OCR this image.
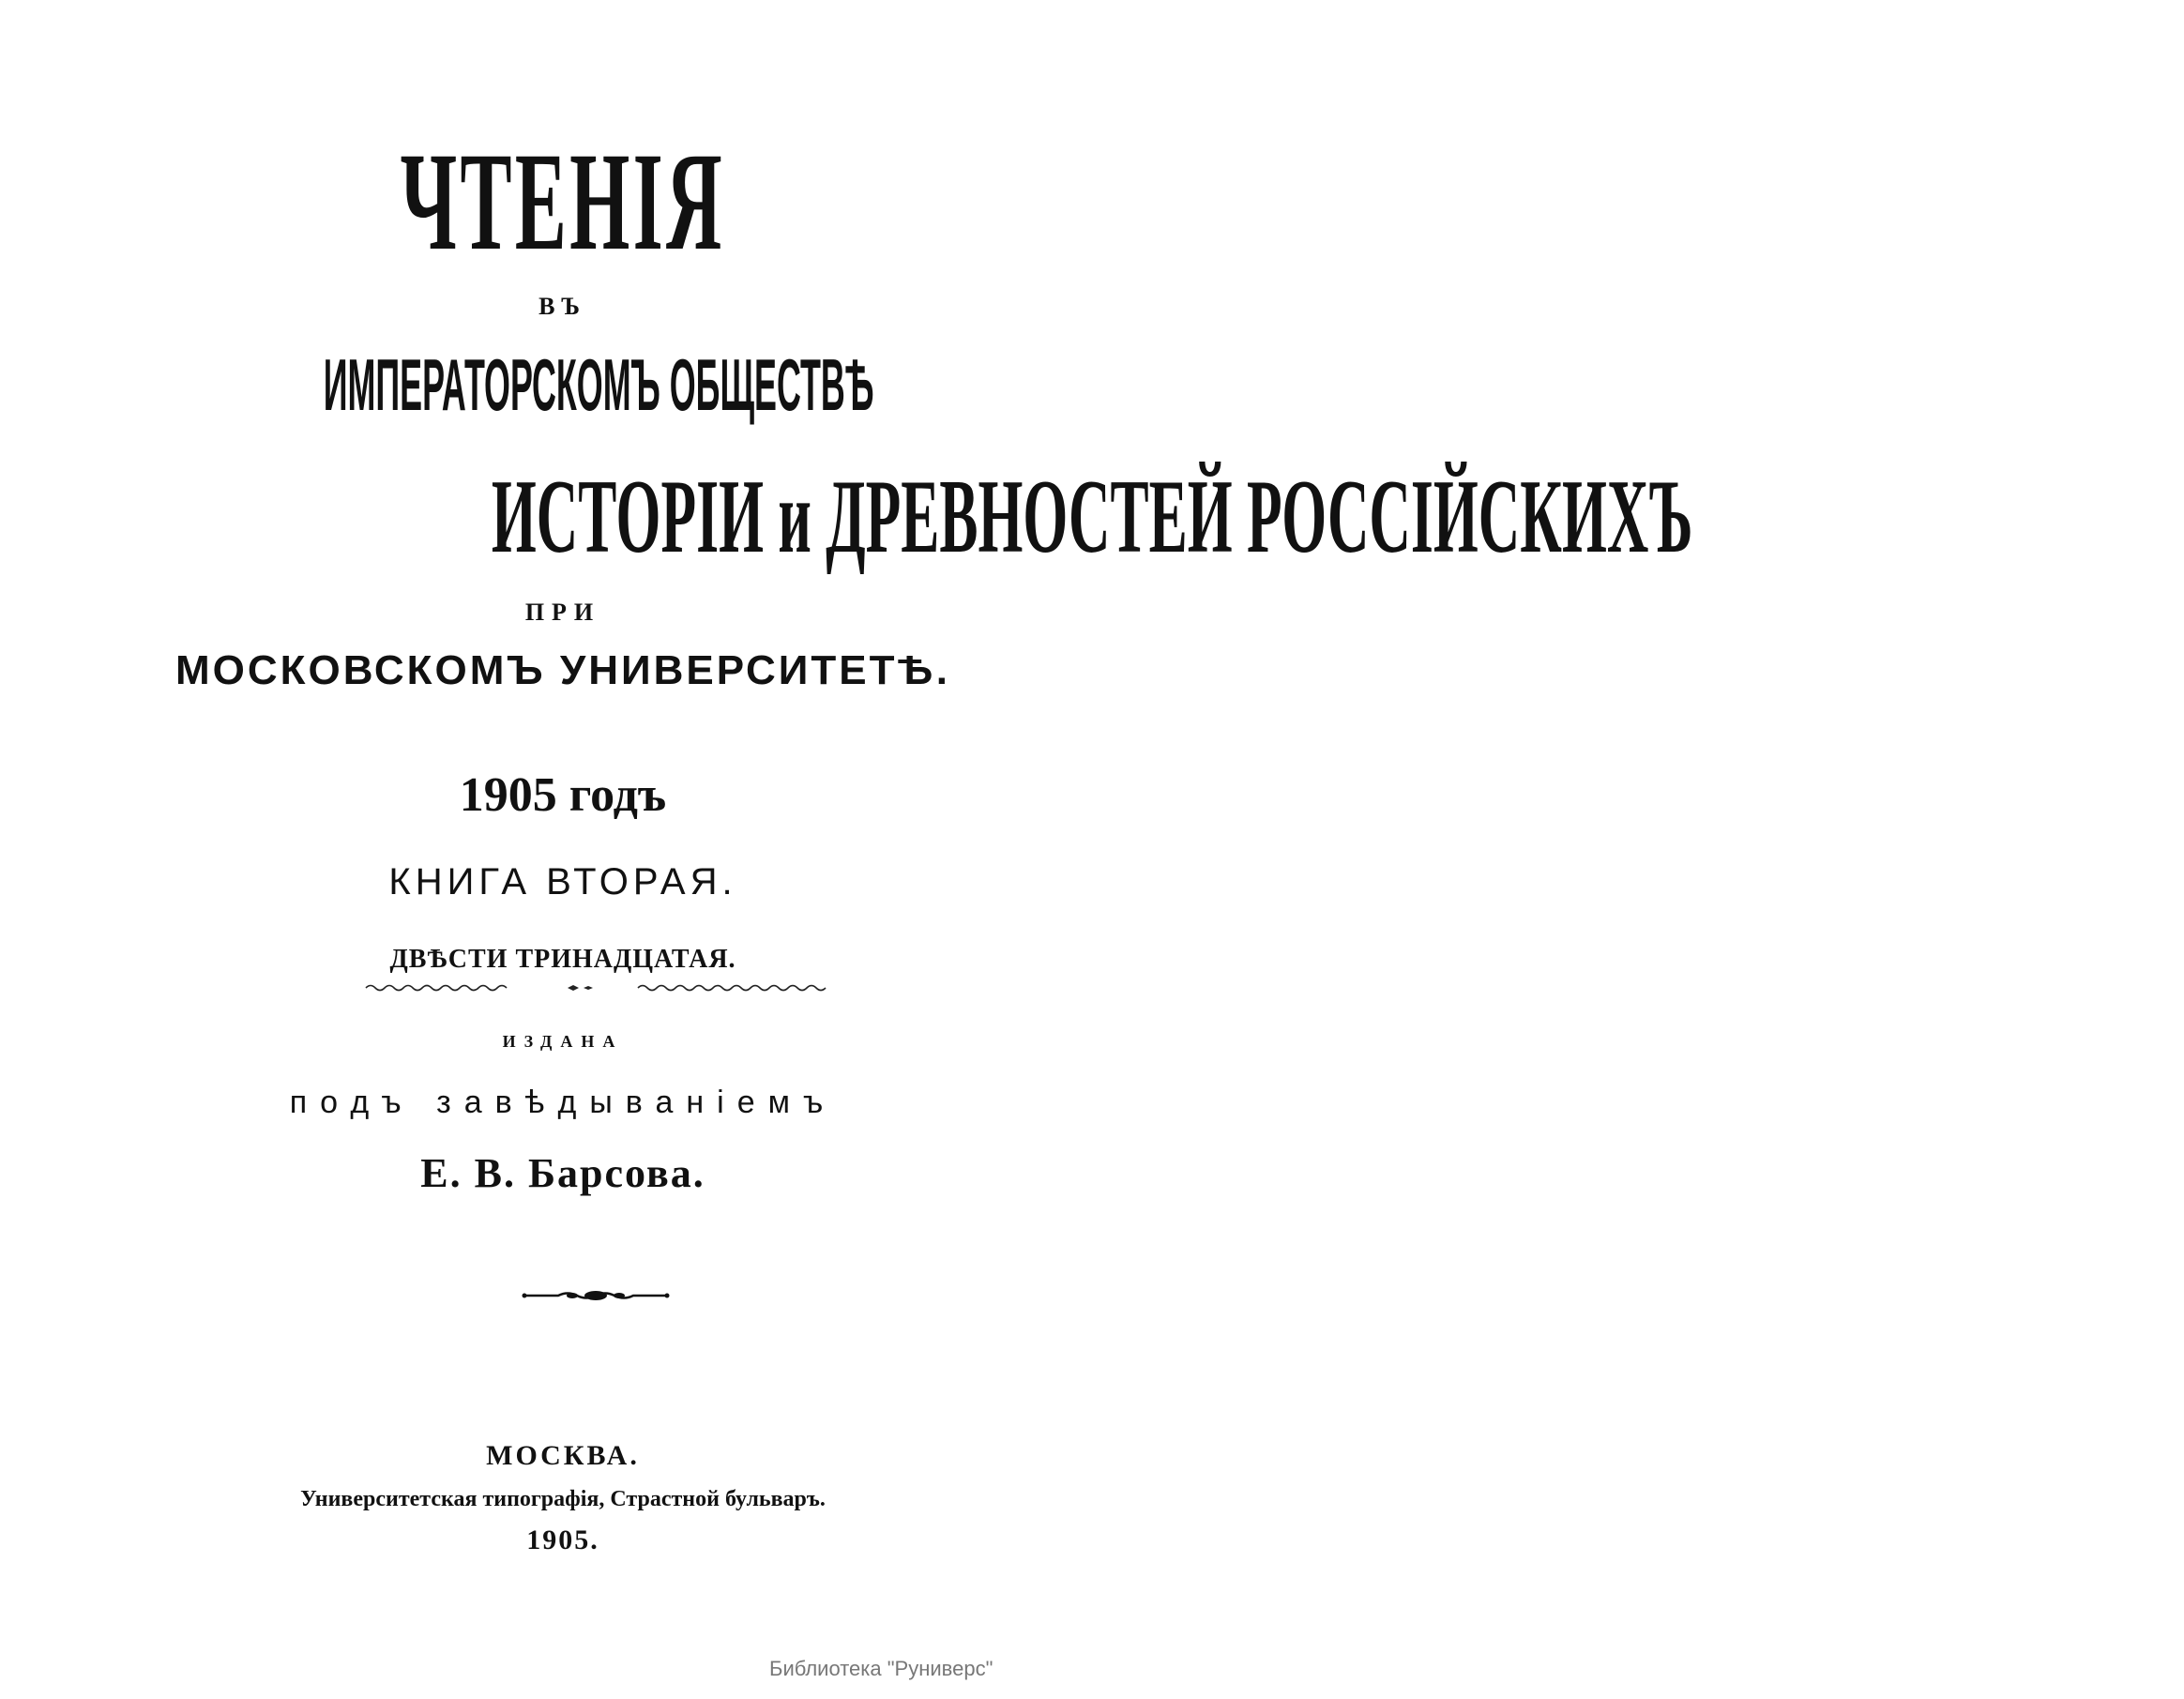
ЧТЕНІЯ
ВЪ
ИМПЕРАТОРСКОМЪ ОБЩЕСТВѢ
ИСТОРІИ и ДРЕВНОСТЕЙ РОССІЙСКИХЪ
ПРИ
МОСКОВСКОМЪ УНИВЕРСИТЕТѢ.
1905 годъ
КНИГА ВТОРАЯ.
ДВѢСТИ ТРИНАДЦАТАЯ.
ИЗДАНА
подъ завѣдываніемъ
Е. В. Барсова.
МОСКВА.
Университетская типографія, Страстной бульваръ.
1905.
Библиотека "Руниверс"
